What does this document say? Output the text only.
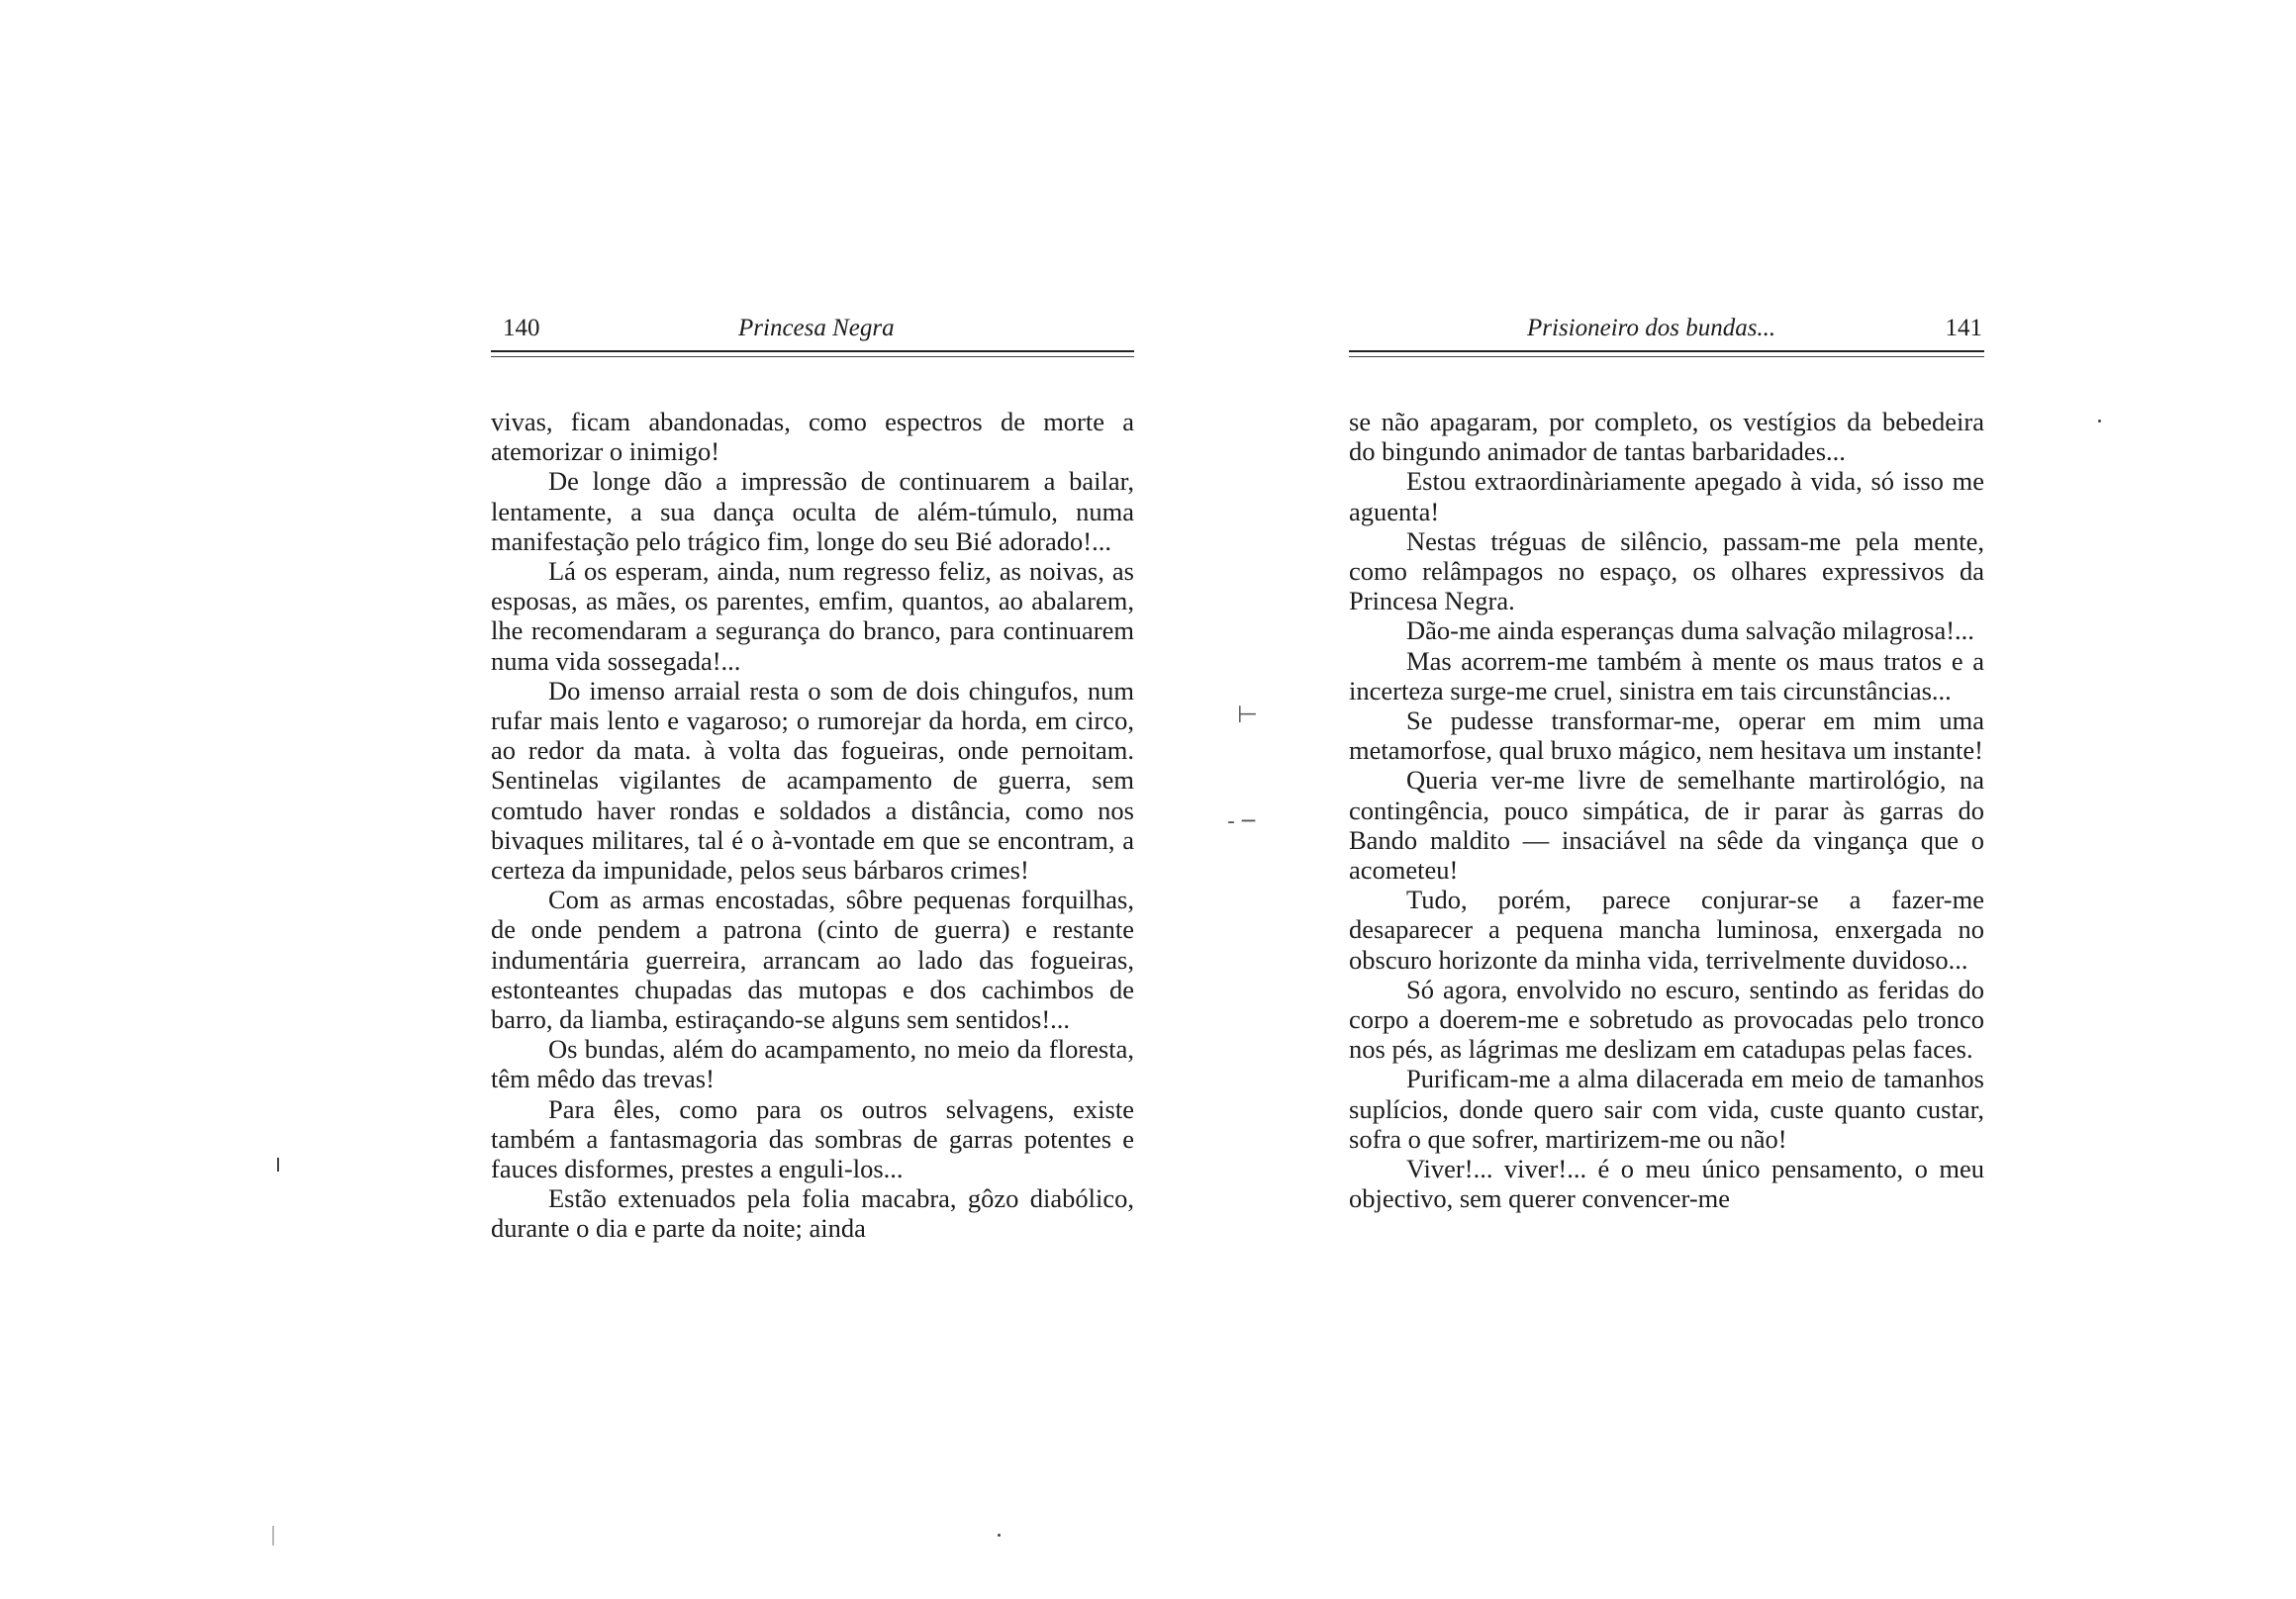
140	Princesa Negra

vivas, ficam abandonadas, como espectros de morte a atemorizar o inimigo!

De longe dão a impressão de continuarem a bailar, lentamente, a sua dança oculta de além-túmulo, numa manifestação pelo trágico fim, longe do seu Bié adorado!...

Lá os esperam, ainda, num regresso feliz, as noivas, as esposas, as mães, os parentes, emfim, quantos, ao abalarem, lhe recomendaram a segurança do branco, para continuarem numa vida sossegada!...

Do imenso arraial resta o som de dois chingufos, num rufar mais lento e vagaroso; o rumorejar da horda, em circo, ao redor da mata. à volta das fogueiras, onde pernoitam. Sentinelas vigilantes de acampamento de guerra, sem comtudo haver rondas e soldados a distância, como nos bivaques militares, tal é o à-vontade em que se encontram, a certeza da impunidade, pelos seus bárbaros crimes!

Com as armas encostadas, sôbre pequenas forquilhas, de onde pendem a patrona (cinto de guerra) e restante indumentária guerreira, arrancam ao lado das fogueiras, estonteantes chupadas das mutopas e dos cachimbos de barro, da liamba, estiraçando-se alguns sem sentidos!...

Os bundas, além do acampamento, no meio da floresta, têm mêdo das trevas!

Para êles, como para os outros selvagens, existe também a fantasmagoria das sombras de garras potentes e fauces disformes, prestes a enguli-los...

Estão extenuados pela folia macabra, gôzo diabólico, durante o dia e parte da noite; ainda

Prisioneiro dos bundas...	141

se não apagaram, por completo, os vestígios da bebedeira do bingundo animador de tantas barbaridades...

Estou extraordinàriamente apegado à vida, só isso me aguenta!

Nestas tréguas de silêncio, passam-me pela mente, como relâmpagos no espaço, os olhares expressivos da Princesa Negra.

Dão-me ainda esperanças duma salvação milagrosa!...

Mas acorrem-me também à mente os maus tratos e a incerteza surge-me cruel, sinistra em tais circunstâncias...

Se pudesse transformar-me, operar em mim uma metamorfose, qual bruxo mágico, nem hesitava um instante!

Queria ver-me livre de semelhante martirológio, na contingência, pouco simpática, de ir parar às garras do Bando maldito — insaciável na sêde da vingança que o acometeu!

Tudo, porém, parece conjurar-se a fazer-me desaparecer a pequena mancha luminosa, enxergada no obscuro horizonte da minha vida, terrivelmente duvidoso...

Só agora, envolvido no escuro, sentindo as feridas do corpo a doerem-me e sobretudo as provocadas pelo tronco nos pés, as lágrimas me deslizam em catadupas pelas faces.

Purificam-me a alma dilacerada em meio de tamanhos suplícios, donde quero sair com vida, custe quanto custar, sofra o que sofrer, martirizem-me ou não!

Viver!... viver!... é o meu único pensamento, o meu objectivo, sem querer convencer-me

⊢
- ─
